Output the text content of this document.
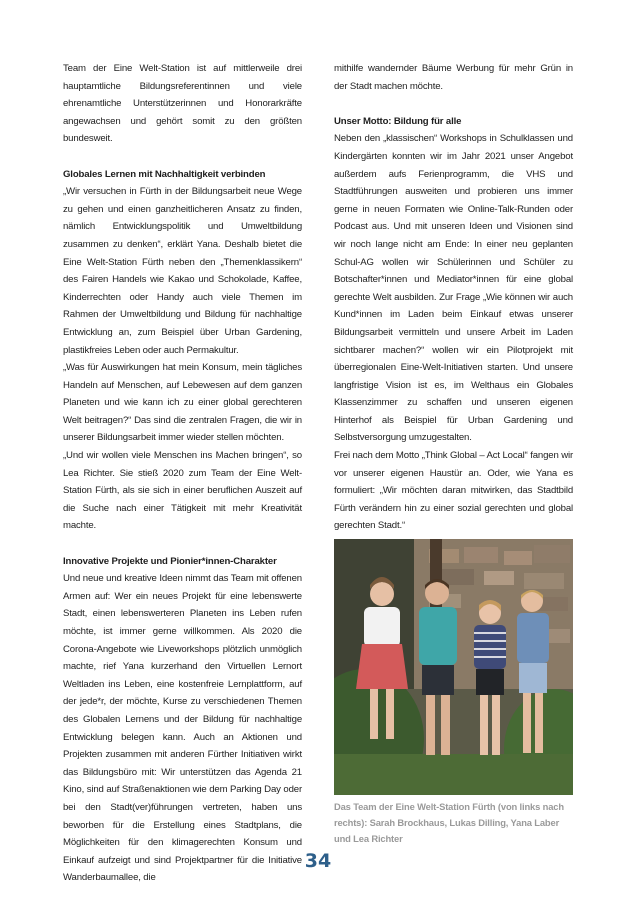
Team der Eine Welt-Station ist auf mittlerweile drei hauptamtliche Bildungsreferentinnen und viele ehrenamtliche Unterstützerinnen und Honorarkräfte angewachsen und gehört somit zu den größten bundesweit.

Globales Lernen mit Nachhaltigkeit verbinden

„Wir versuchen in Fürth in der Bildungsarbeit neue Wege zu gehen und einen ganzheitlicheren Ansatz zu finden, nämlich Entwicklungspolitik und Umweltbildung zusammen zu denken“, erklärt Yana. Deshalb bietet die Eine Welt-Station Fürth neben den „Themenklassikern“ des Fairen Handels wie Kakao und Schokolade, Kaffee, Kinderrechten oder Handy auch viele Themen im Rahmen der Umweltbildung und Bildung für nachhaltige Entwicklung an, zum Beispiel über Urban Gardening, plastikfreies Leben oder auch Permakultur.

„Was für Auswirkungen hat mein Konsum, mein tägliches Handeln auf Menschen, auf Lebewesen auf dem ganzen Planeten und wie kann ich zu einer global gerechteren Welt beitragen?“ Das sind die zentralen Fragen, die wir in unserer Bildungsarbeit immer wieder stellen möchten.

„Und wir wollen viele Menschen ins Machen bringen“, so Lea Richter. Sie stieß 2020 zum Team der Eine Welt-Station Fürth, als sie sich in einer beruflichen Auszeit auf die Suche nach einer Tätigkeit mit mehr Kreativität machte.

Innovative Projekte und Pionier*innen-Charakter

Und neue und kreative Ideen nimmt das Team mit offenen Armen auf: Wer ein neues Projekt für eine lebenswerte Stadt, einen lebenswerteren Planeten ins Leben rufen möchte, ist immer gerne willkommen. Als 2020 die Corona-Angebote wie Liveworkshops plötzlich unmöglich machte, rief Yana kurzerhand den Virtuellen Lernort Weltladen ins Leben, eine kostenfreie Lernplattform, auf der jede*r, der möchte, Kurse zu verschiedenen Themen des Globalen Lernens und der Bildung für nachhaltige Entwicklung belegen kann. Auch an Aktionen und Projekten zusammen mit anderen Fürther Initiativen wirkt das Bildungsbüro mit: Wir unterstützen das Agenda 21 Kino, sind auf Straßenaktionen wie dem Parking Day oder bei den Stadt(ver)führungen vertreten, haben uns beworben für die Erstellung eines Stadtplans, die Möglichkeiten für den klimagerechten Konsum und Einkauf aufzeigt und sind Projektpartner für die Initiative Wanderbaumallee, die

mithilfe wandernder Bäume Werbung für mehr Grün in der Stadt machen möchte.

Unser Motto: Bildung für alle

Neben den „klassischen“ Workshops in Schulklassen und Kindergärten konnten wir im Jahr 2021 unser Angebot außerdem aufs Ferienprogramm, die VHS und Stadtführungen ausweiten und probieren uns immer gerne in neuen Formaten wie Online-Talk-Runden oder Podcast aus. Und mit unseren Ideen und Visionen sind wir noch lange nicht am Ende: In einer neu geplanten Schul-AG wollen wir Schülerinnen und Schüler zu Botschafter*innen und Mediator*innen für eine global gerechte Welt ausbilden. Zur Frage „Wie können wir auch Kund*innen im Laden beim Einkauf etwas unserer Bildungsarbeit vermitteln und unsere Arbeit im Laden sichtbarer machen?“ wollen wir ein Pilotprojekt mit überregionalen Eine-Welt-Initiativen starten. Und unsere langfristige Vision ist es, im Welthaus ein Globales Klassenzimmer zu schaffen und unseren eigenen Hinterhof als Beispiel für Urban Gardening und Selbstversorgung umzugestalten.

Frei nach dem Motto „Think Global – Act Local“ fangen wir vor unserer eigenen Haustür an. Oder, wie Yana es formuliert: „Wir möchten daran mitwirken, das Stadtbild Fürth verändern hin zu einer sozial gerechten und global gerechten Stadt.“

Das Team der Eine Welt-Station Fürth (von links nach rechts): Sarah Brockhaus, Lukas Dilling, Yana Laber und Lea Richter
34
